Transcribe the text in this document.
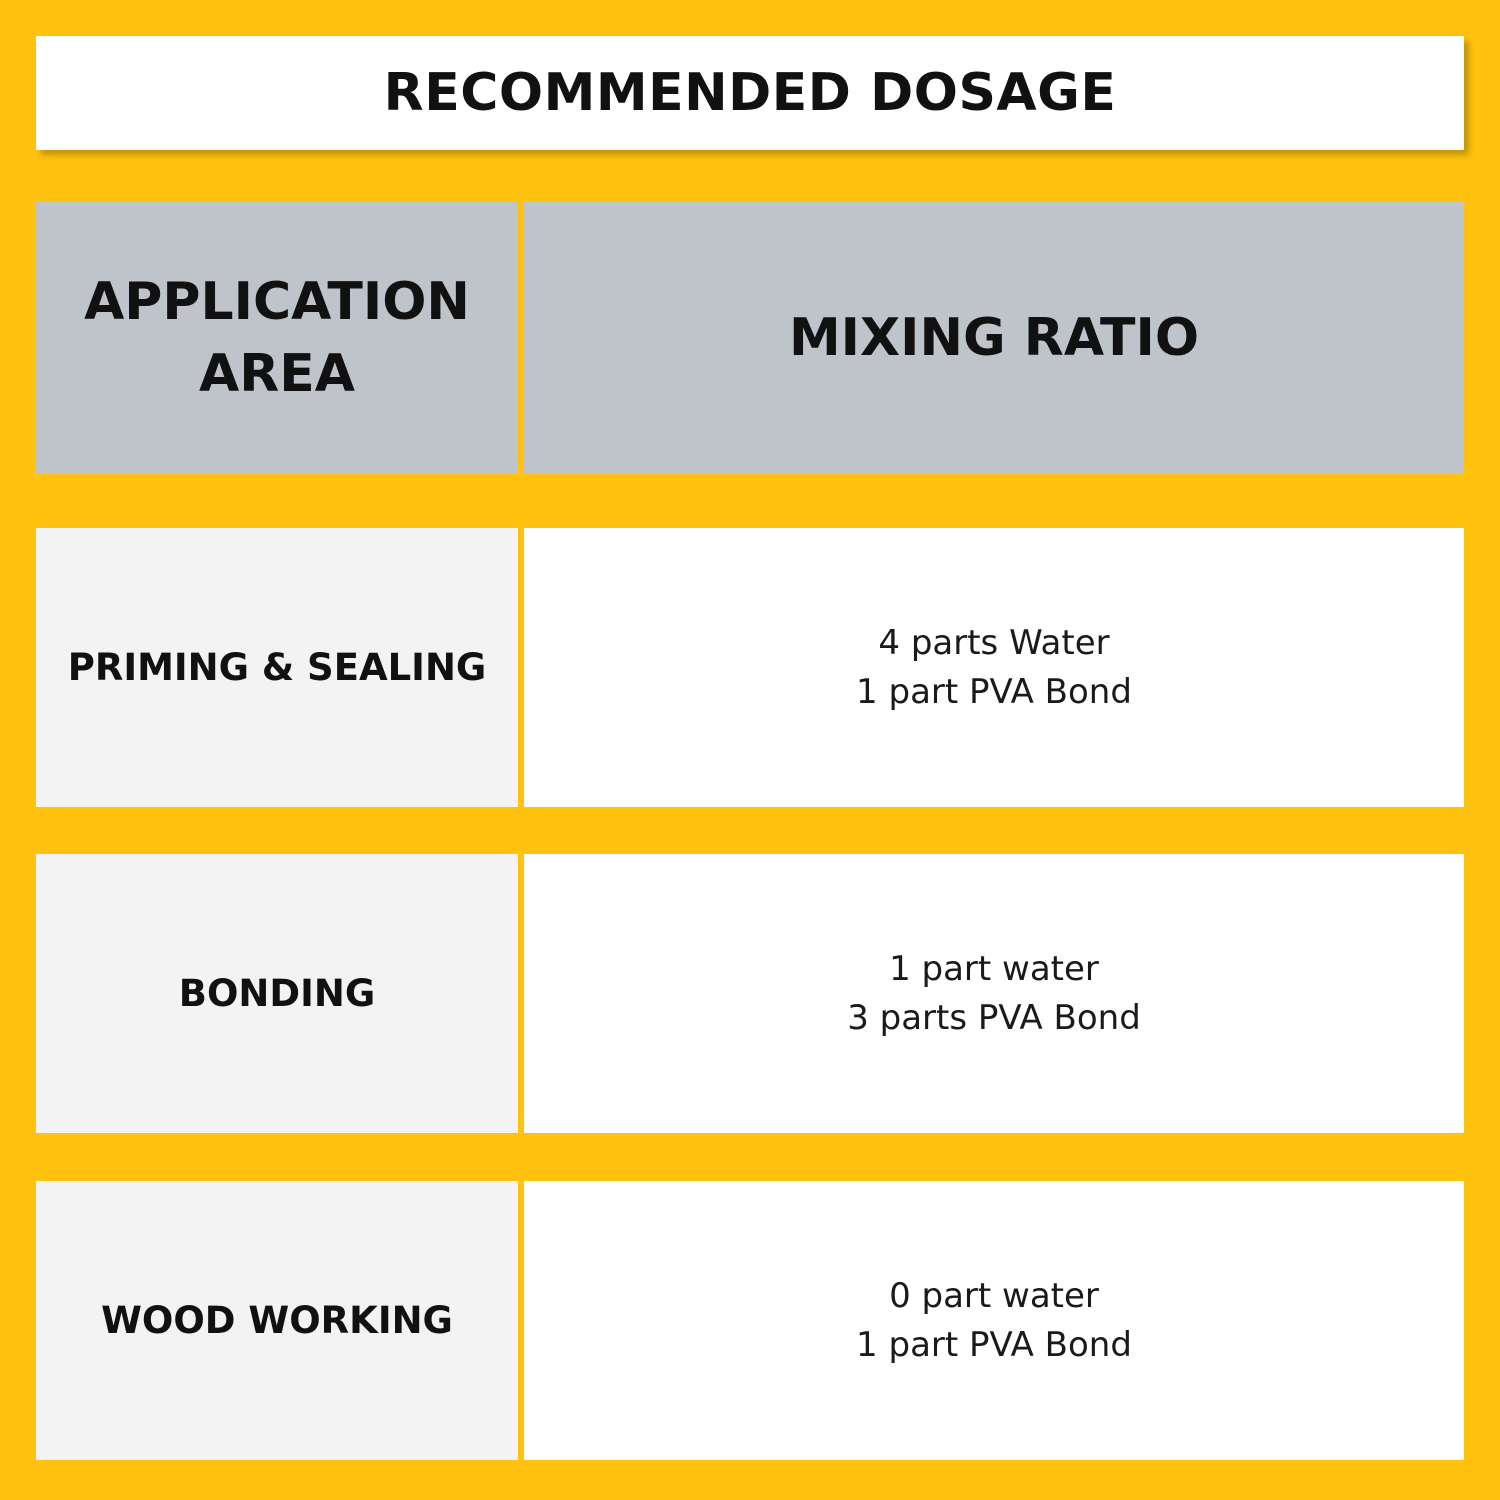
RECOMMENDED DOSAGE
APPLICATION
AREA
MIXING RATIO
PRIMING & SEALING
4 parts Water
1 part PVA Bond
BONDING
1 part water
3 parts PVA Bond
WOOD WORKING
0 part water
1 part PVA Bond
